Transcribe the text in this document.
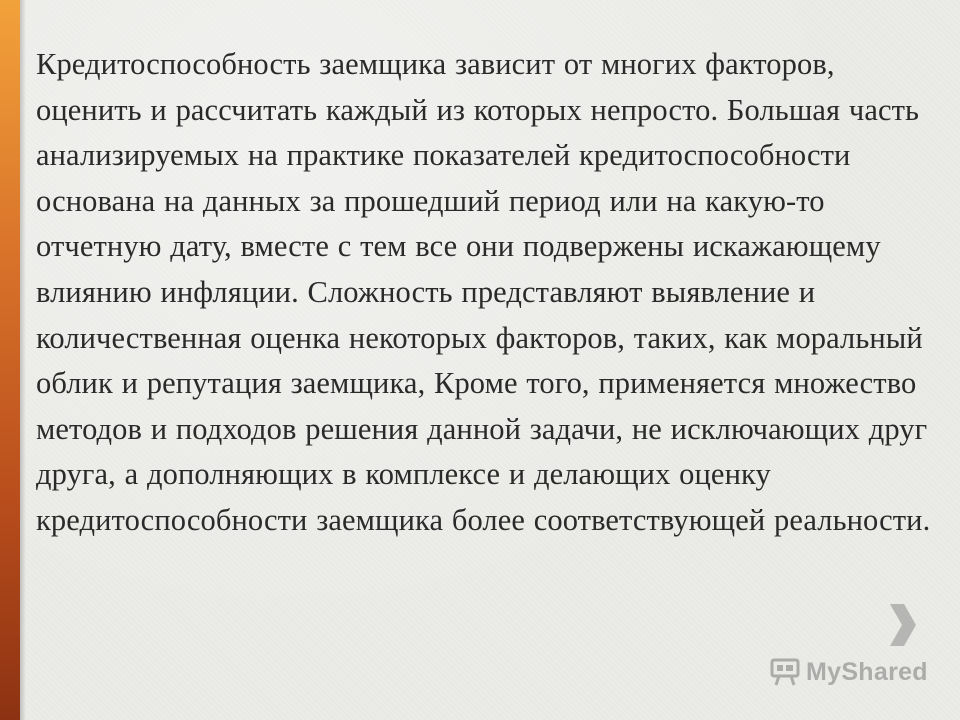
Кредитоспособность заемщика зависит от многих факторов, оценить и рассчитать каждый из которых непросто. Большая часть анализируемых на практике показателей кредитоспособности основана на данных за прошедший период или на какую-то отчетную дату, вместе с тем все они подвержены искажающему влиянию инфляции. Сложность представляют выявление и количественная оценка некоторых факторов, таких, как моральный облик и репутация заемщика, Кроме того, применяется множество методов и подходов решения данной задачи, не исключающих друг друга, а дополняющих в комплексе и делающих оценку кредитоспособности заемщика более соответствующей реальности.

MyShared
